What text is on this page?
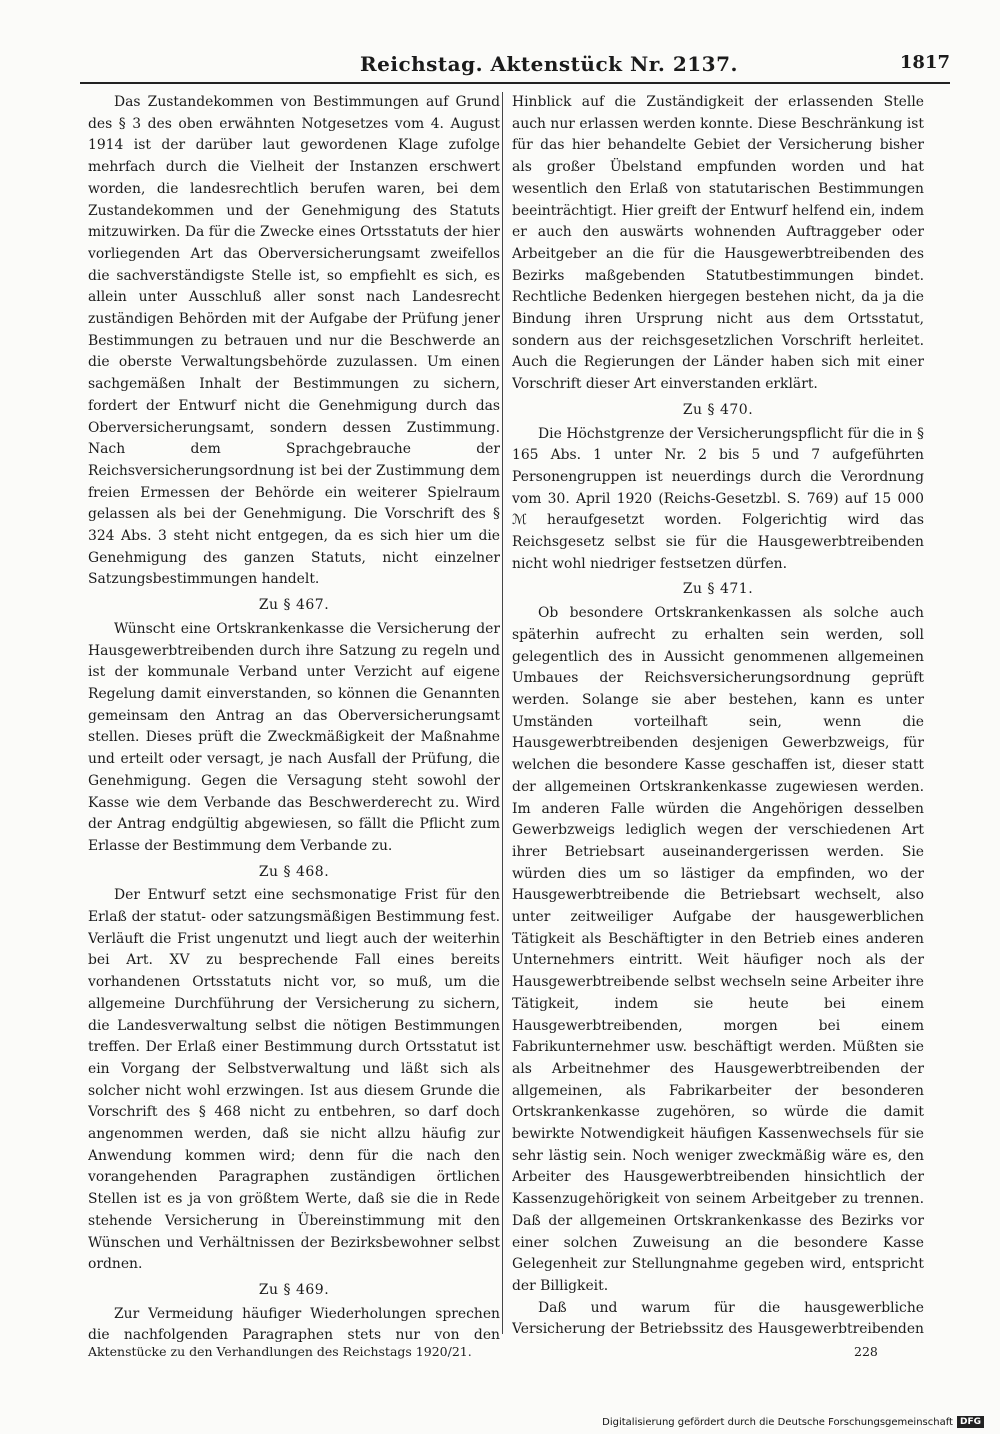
Reichstag. Aktenstück Nr. 2137.	1817

Das Zustandekommen von Bestimmungen auf Grund des § 3 des oben erwähnten Notgesetzes vom 4. August 1914 ist der darüber laut gewordenen Klage zufolge mehrfach durch die Vielheit der Instanzen erschwert worden, die landesrechtlich berufen waren, bei dem Zustandekommen und der Genehmigung des Statuts mitzuwirken. Da für die Zwecke eines Ortsstatuts der hier vorliegenden Art das Oberversicherungsamt zweifellos die sachverständigste Stelle ist, so empfiehlt es sich, es allein unter Ausschluß aller sonst nach Landesrecht zuständigen Behörden mit der Aufgabe der Prüfung jener Bestimmungen zu betrauen und nur die Beschwerde an die oberste Verwaltungsbehörde zuzulassen. Um einen sachgemäßen Inhalt der Bestimmungen zu sichern, fordert der Entwurf nicht die Genehmigung durch das Oberversicherungsamt, sondern dessen Zustimmung. Nach dem Sprachgebrauche der Reichsversicherungsordnung ist bei der Zustimmung dem freien Ermessen der Behörde ein weiterer Spielraum gelassen als bei der Genehmigung. Die Vorschrift des § 324 Abs. 3 steht nicht entgegen, da es sich hier um die Genehmigung des ganzen Statuts, nicht einzelner Satzungsbestimmungen handelt.

Zu § 467.

Wünscht eine Ortskrankenkasse die Versicherung der Hausgewerbtreibenden durch ihre Satzung zu regeln und ist der kommunale Verband unter Verzicht auf eigene Regelung damit einverstanden, so können die Genannten gemeinsam den Antrag an das Oberversicherungsamt stellen. Dieses prüft die Zweckmäßigkeit der Maßnahme und erteilt oder versagt, je nach Ausfall der Prüfung, die Genehmigung. Gegen die Versagung steht sowohl der Kasse wie dem Verbande das Beschwerderecht zu. Wird der Antrag endgültig abgewiesen, so fällt die Pflicht zum Erlasse der Bestimmung dem Verbande zu.

Zu § 468.

Der Entwurf setzt eine sechsmonatige Frist für den Erlaß der statut- oder satzungsmäßigen Bestimmung fest. Verläuft die Frist ungenutzt und liegt auch der weiterhin bei Art. XV zu besprechende Fall eines bereits vorhandenen Ortsstatuts nicht vor, so muß, um die allgemeine Durchführung der Versicherung zu sichern, die Landesverwaltung selbst die nötigen Bestimmungen treffen. Der Erlaß einer Bestimmung durch Ortsstatut ist ein Vorgang der Selbstverwaltung und läßt sich als solcher nicht wohl erzwingen. Ist aus diesem Grunde die Vorschrift des § 468 nicht zu entbehren, so darf doch angenommen werden, daß sie nicht allzu häufig zur Anwendung kommen wird; denn für die nach den vorangehenden Paragraphen zuständigen örtlichen Stellen ist es ja von größtem Werte, daß sie die in Rede stehende Versicherung in Übereinstimmung mit den Wünschen und Verhältnissen der Bezirksbewohner selbst ordnen.

Zu § 469.

Zur Vermeidung häufiger Wiederholungen sprechen die nachfolgenden Paragraphen stets nur von den

Hinblick auf die Zuständigkeit der erlassenden Stelle auch nur erlassen werden konnte. Diese Beschränkung ist für das hier behandelte Gebiet der Versicherung bisher als großer Übelstand empfunden worden und hat wesentlich den Erlaß von statutarischen Bestimmungen beeinträchtigt. Hier greift der Entwurf helfend ein, indem er auch den auswärts wohnenden Auftraggeber oder Arbeitgeber an die für die Hausgewerbtreibenden des Bezirks maßgebenden Statutbestimmungen bindet. Rechtliche Bedenken hiergegen bestehen nicht, da ja die Bindung ihren Ursprung nicht aus dem Ortsstatut, sondern aus der reichsgesetzlichen Vorschrift herleitet. Auch die Regierungen der Länder haben sich mit einer Vorschrift dieser Art einverstanden erklärt.

Zu § 470.

Die Höchstgrenze der Versicherungspflicht für die in § 165 Abs. 1 unter Nr. 2 bis 5 und 7 aufgeführten Personengruppen ist neuerdings durch die Verordnung vom 30. April 1920 (Reichs-Gesetzbl. S. 769) auf 15 000 ℳ heraufgesetzt worden. Folgerichtig wird das Reichsgesetz selbst sie für die Hausgewerbtreibenden nicht wohl niedriger festsetzen dürfen.

Zu § 471.

Ob besondere Ortskrankenkassen als solche auch späterhin aufrecht zu erhalten sein werden, soll gelegentlich des in Aussicht genommenen allgemeinen Umbaues der Reichsversicherungsordnung geprüft werden. Solange sie aber bestehen, kann es unter Umständen vorteilhaft sein, wenn die Hausgewerbtreibenden desjenigen Gewerbzweigs, für welchen die besondere Kasse geschaffen ist, dieser statt der allgemeinen Ortskrankenkasse zugewiesen werden. Im anderen Falle würden die Angehörigen desselben Gewerbzweigs lediglich wegen der verschiedenen Art ihrer Betriebsart auseinandergerissen werden. Sie würden dies um so lästiger da empfinden, wo der Hausgewerbtreibende die Betriebsart wechselt, also unter zeitweiliger Aufgabe der hausgewerblichen Tätigkeit als Beschäftigter in den Betrieb eines anderen Unternehmers eintritt. Weit häufiger noch als der Hausgewerbtreibende selbst wechseln seine Arbeiter ihre Tätigkeit, indem sie heute bei einem Hausgewerbtreibenden, morgen bei einem Fabrikunternehmer usw. beschäftigt werden. Müßten sie als Arbeitnehmer des Hausgewerbtreibenden der allgemeinen, als Fabrikarbeiter der besonderen Ortskrankenkasse zugehören, so würde die damit bewirkte Notwendigkeit häufigen Kassenwechsels für sie sehr lästig sein. Noch weniger zweckmäßig wäre es, den Arbeiter des Hausgewerbtreibenden hinsichtlich der Kassenzugehörigkeit von seinem Arbeitgeber zu trennen. Daß der allgemeinen Ortskrankenkasse des Bezirks vor einer solchen Zuweisung an die besondere Kasse Gelegenheit zur Stellungnahme gegeben wird, entspricht der Billigkeit.

Daß und warum für die hausgewerbliche Versicherung der Betriebssitz des Hausgewerbtreibenden

Aktenstücke zu den Verhandlungen des Reichstags 1920/21.	228
Digitalisierung gefördert durch die Deutsche Forschungsgemeinschaft DFG
